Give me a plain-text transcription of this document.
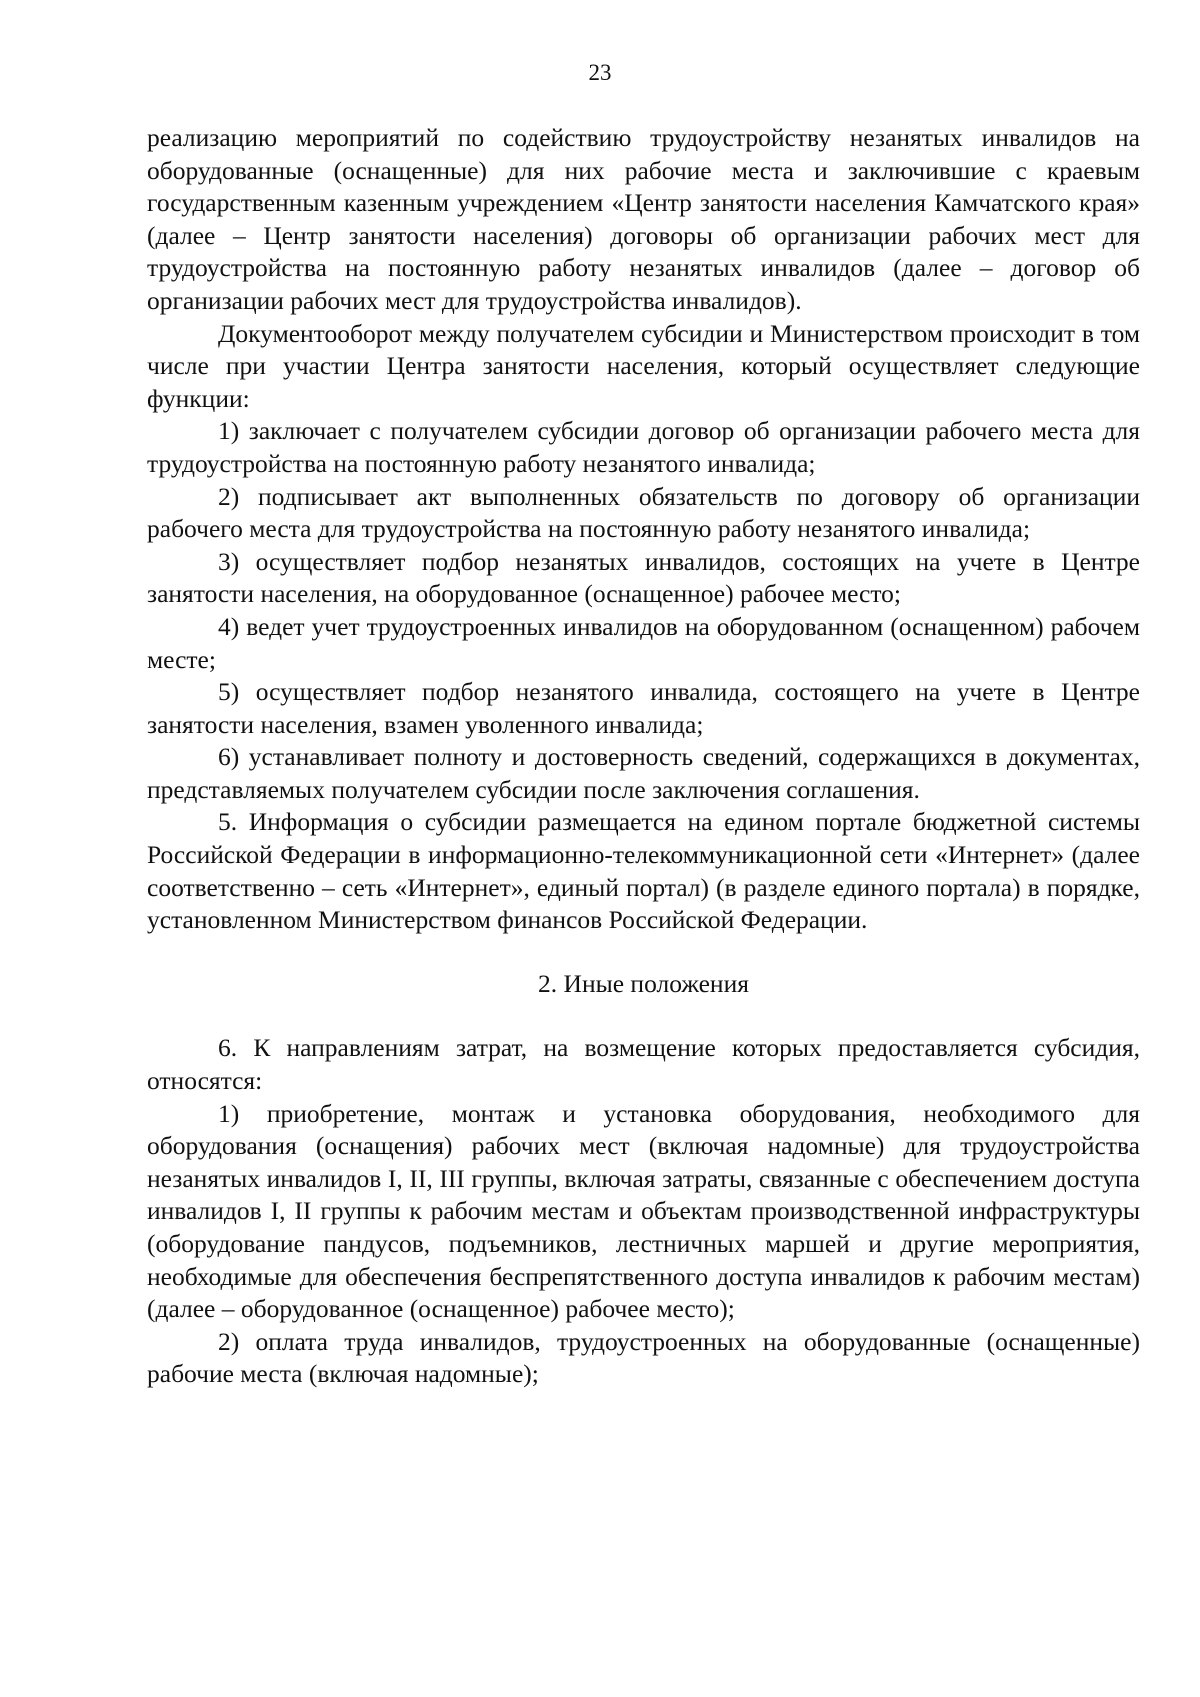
23

реализацию мероприятий по содействию трудоустройству незанятых инвалидов на оборудованные (оснащенные) для них рабочие места и заключившие с краевым государственным казенным учреждением «Центр занятости населения Камчатского края» (далее – Центр занятости населения) договоры об организации рабочих мест для трудоустройства на постоянную работу незанятых инвалидов (далее – договор об организации рабочих мест для трудоустройства инвалидов).

Документооборот между получателем субсидии и Министерством происходит в том числе при участии Центра занятости населения, который осуществляет следующие функции:

1) заключает с получателем субсидии договор об организации рабочего места для трудоустройства на постоянную работу незанятого инвалида;

2) подписывает акт выполненных обязательств по договору об организации рабочего места для трудоустройства на постоянную работу незанятого инвалида;

3) осуществляет подбор незанятых инвалидов, состоящих на учете в Центре занятости населения, на оборудованное (оснащенное) рабочее место;

4) ведет учет трудоустроенных инвалидов на оборудованном (оснащенном) рабочем месте;

5) осуществляет подбор незанятого инвалида, состоящего на учете в Центре занятости населения, взамен уволенного инвалида;

6) устанавливает полноту и достоверность сведений, содержащихся в документах, представляемых получателем субсидии после заключения соглашения.

5. Информация о субсидии размещается на едином портале бюджетной системы Российской Федерации в информационно-телекоммуникационной сети «Интернет» (далее соответственно – сеть «Интернет», единый портал) (в разделе единого портала) в порядке, установленном Министерством финансов Российской Федерации.

2. Иные положения

6. К направлениям затрат, на возмещение которых предоставляется субсидия, относятся:

1) приобретение, монтаж и установка оборудования, необходимого для оборудования (оснащения) рабочих мест (включая надомные) для трудоустройства незанятых инвалидов I, II, III группы, включая затраты, связанные с обеспечением доступа инвалидов I, II группы к рабочим местам и объектам производственной инфраструктуры (оборудование пандусов, подъемников, лестничных маршей и другие мероприятия, необходимые для обеспечения беспрепятственного доступа инвалидов к рабочим местам) (далее – оборудованное (оснащенное) рабочее место);

2) оплата труда инвалидов, трудоустроенных на оборудованные (оснащенные) рабочие места (включая надомные);
